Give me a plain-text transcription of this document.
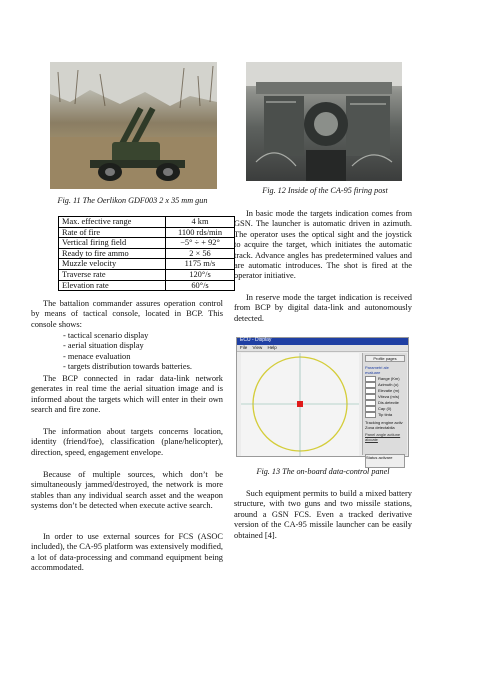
Fig. 11 The Oerlikon GDF003 2 x 35 mm gun
Max. effective range	4 km
Rate of fire	1100 rds/min
Vertical firing field	−5° ÷ + 92°
Ready to fire ammo	2 × 56
Muzzle velocity	1175 m/s
Traverse rate	120°/s
Elevation rate	60°/s

The battalion commander assures operation control by means of tactical console, located in BCP. This console shows:

- tactical scenario display
- aerial situation display
- menace evaluation
- targets distribution towards batteries.

The BCP connected in radar data-link network generates in real time the aerial situation image and is informed about the targets which will enter in their own search and fire zone.

The information about targets concerns location, identity (friend/foe), classification (plane/helicopter), direction, speed, engagement envelope.

Because of multiple sources, which don’t be simultaneously jammed/destroyed, the network is more stables than any individual search asset and the weapon systems don’t be detected when execute active search.

In order to use external sources for FCS (ASOC included), the CA-95 platform was extensively modified, a lot of data-processing and command equipment being accommodated.

Fig. 12 Inside of the CA-95 firing post

In basic mode the targets indication comes from GSN. The launcher is automatic driven in azimuth. The operator uses the optical sight and the joystick to acquire the target, which initiates the automatic track. Advance angles has predetermined values and are automatic introduces. The shot is fired at the operator initiative.

In reserve mode the target indication is received from BCP by digital data-link and autonomously detected.

ECU - Display
File View Help
Profile pages
Parametri ale evaluare
Range (Km)
Azimuth (o)
Elevatie (m)
Viteza (m/s)
Dis.detectie
Cap (0)
Tip tinta
Tracking engine activ
Zona detectabila
Panel angle actiune alocate
Status activare
Fig. 13 The on-board data-control panel

Such equipment permits to build a mixed battery structure, with two guns and two missile stations, around a GSN FCS. Even a tracked derivative version of the CA-95 missile launcher can be easily obtained [4].
